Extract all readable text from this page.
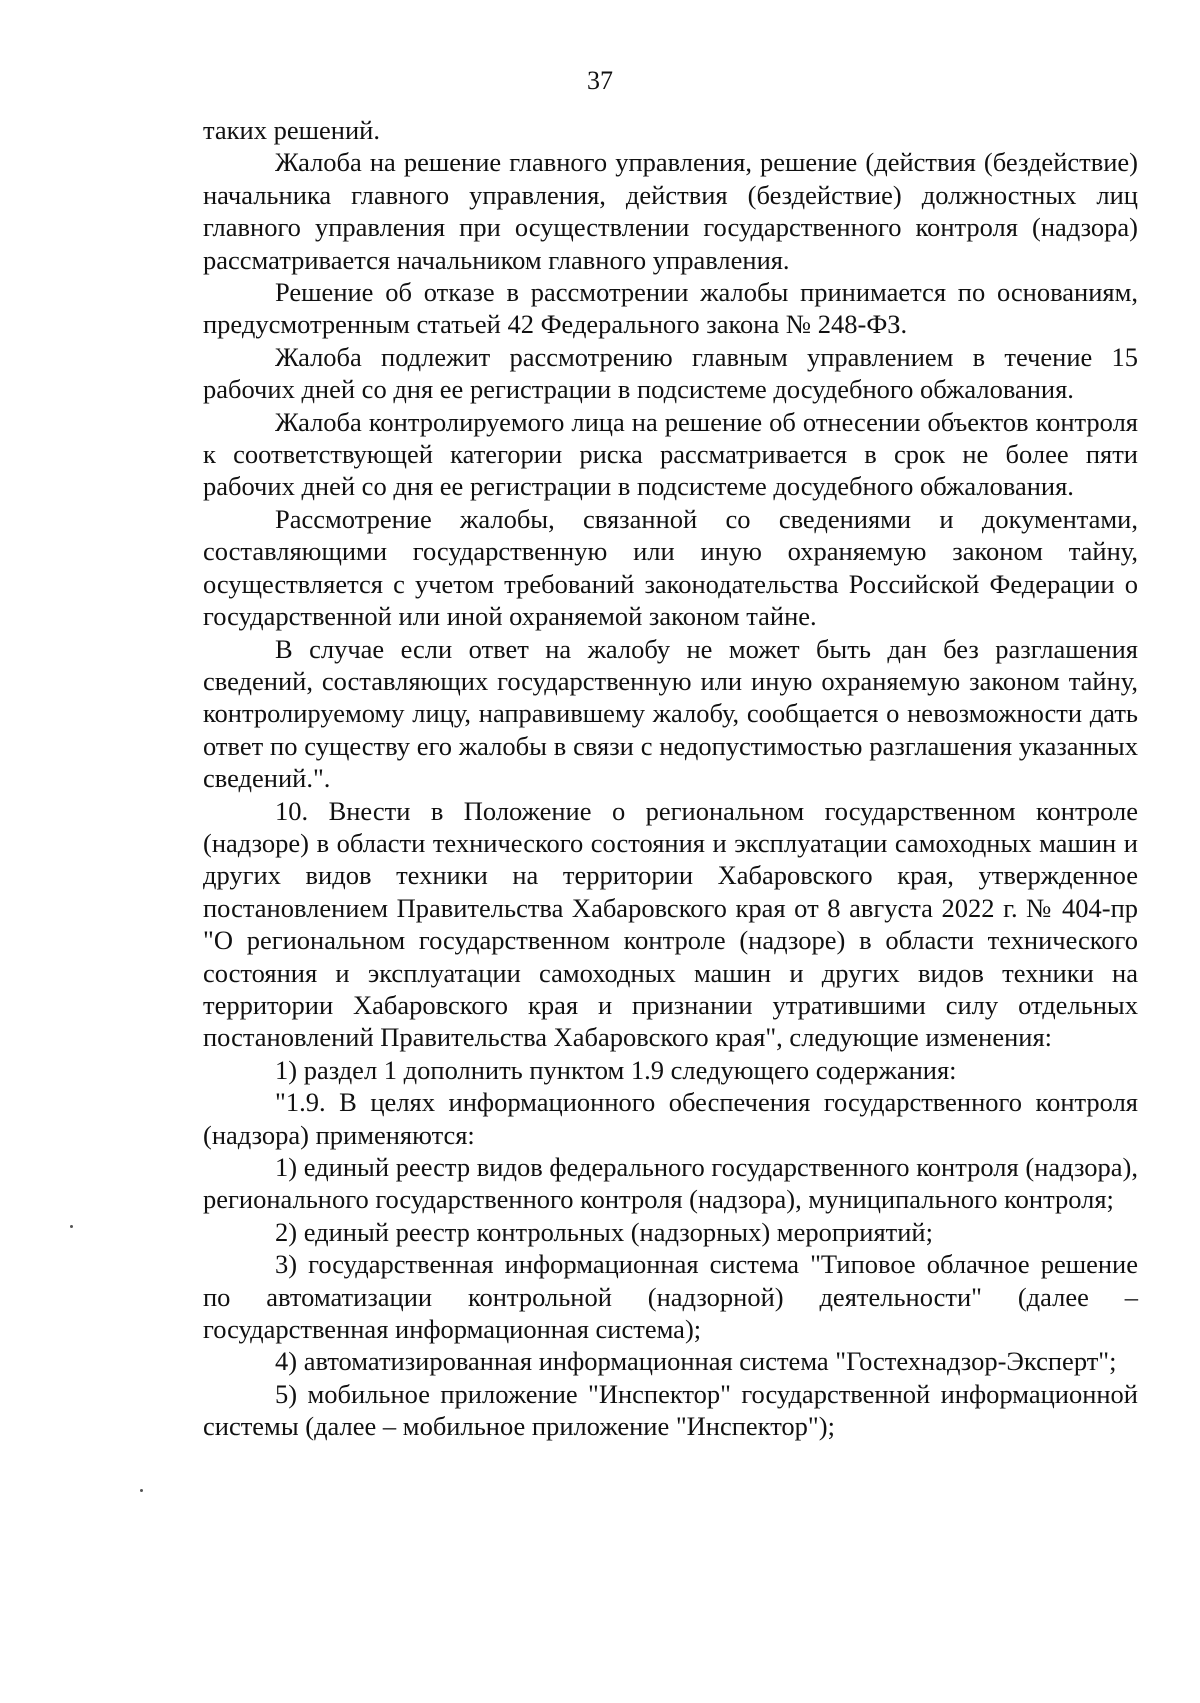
37

таких решений.

Жалоба на решение главного управления, решение (действия (бездействие) начальника главного управления, действия (бездействие) должностных лиц главного управления при осуществлении государственного контроля (надзора) рассматривается начальником главного управления.

Решение об отказе в рассмотрении жалобы принимается по основаниям, предусмотренным статьей 42 Федерального закона № 248-ФЗ.

Жалоба подлежит рассмотрению главным управлением в течение 15 рабочих дней со дня ее регистрации в подсистеме досудебного обжалования.

Жалоба контролируемого лица на решение об отнесении объектов контроля к соответствующей категории риска рассматривается в срок не более пяти рабочих дней со дня ее регистрации в подсистеме досудебного обжалования.

Рассмотрение жалобы, связанной со сведениями и документами, составляющими государственную или иную охраняемую законом тайну, осуществляется с учетом требований законодательства Российской Федерации о государственной или иной охраняемой законом тайне.

В случае если ответ на жалобу не может быть дан без разглашения сведений, составляющих государственную или иную охраняемую законом тайну, контролируемому лицу, направившему жалобу, сообщается о невозможности дать ответ по существу его жалобы в связи с недопустимостью разглашения указанных сведений.".

10. Внести в Положение о региональном государственном контроле (надзоре) в области технического состояния и эксплуатации самоходных машин и других видов техники на территории Хабаровского края, утвержденное постановлением Правительства Хабаровского края от 8 августа 2022 г. № 404-пр "О региональном государственном контроле (надзоре) в области технического состояния и эксплуатации самоходных машин и других видов техники на территории Хабаровского края и признании утратившими силу отдельных постановлений Правительства Хабаровского края", следующие изменения:

1) раздел 1 дополнить пунктом 1.9 следующего содержания:

"1.9. В целях информационного обеспечения государственного контроля (надзора) применяются:

1) единый реестр видов федерального государственного контроля (надзора), регионального государственного контроля (надзора), муниципального контроля;

2) единый реестр контрольных (надзорных) мероприятий;

3) государственная информационная система "Типовое облачное решение по автоматизации контрольной (надзорной) деятельности" (далее – государственная информационная система);

4) автоматизированная информационная система "Гостехнадзор-Эксперт";

5) мобильное приложение "Инспектор" государственной информационной системы (далее – мобильное приложение "Инспектор");
